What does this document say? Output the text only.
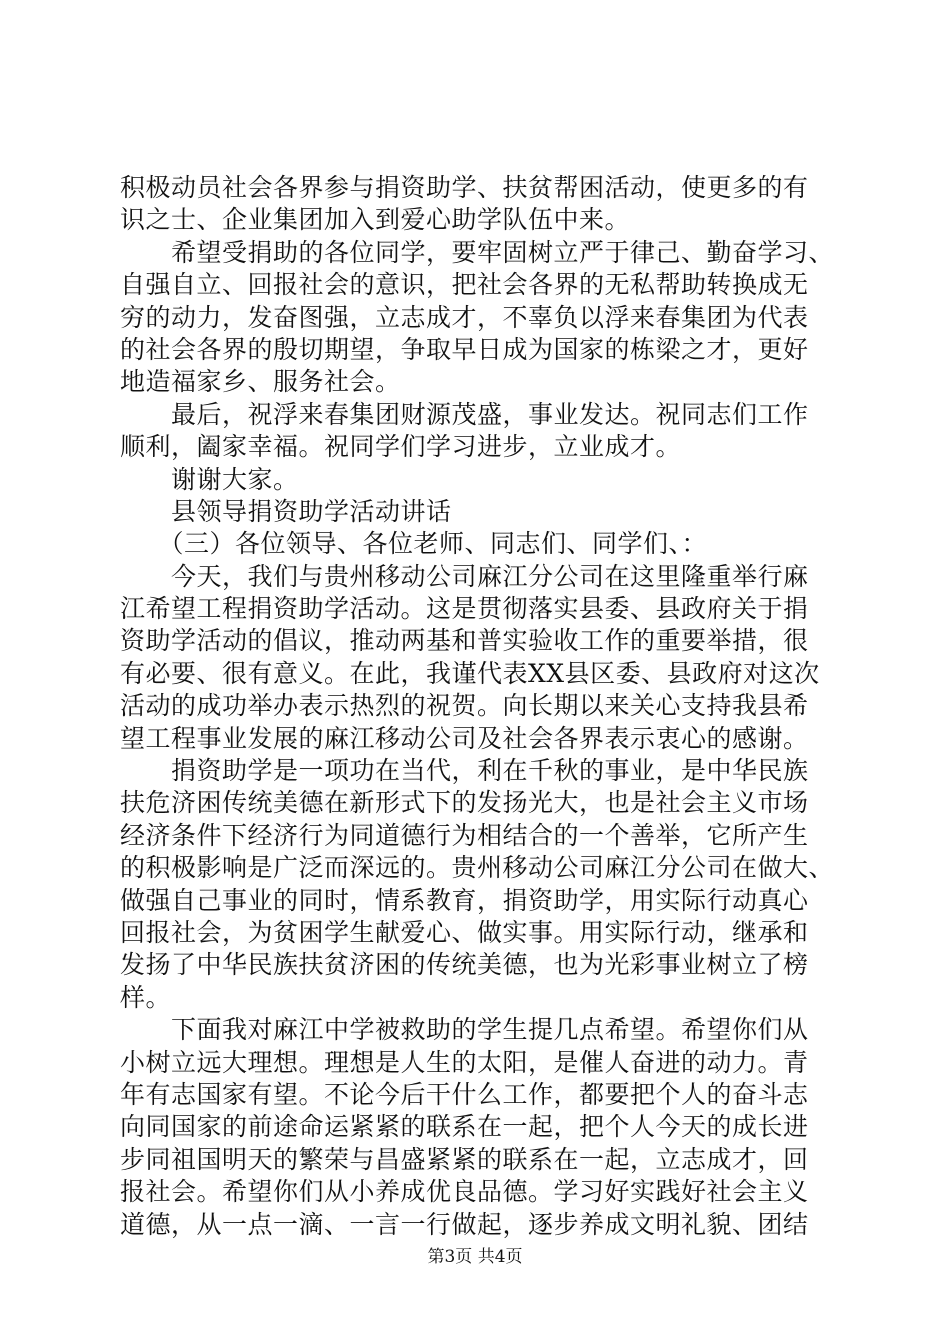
积极动员社会各界参与捐资助学、扶贫帮困活动，使更多的有
识之士、企业集团加入到爱心助学队伍中来。
　　希望受捐助的各位同学，要牢固树立严于律己、勤奋学习、
自强自立、回报社会的意识，把社会各界的无私帮助转换成无
穷的动力，发奋图强，立志成才，不辜负以浮来春集团为代表
的社会各界的殷切期望，争取早日成为国家的栋梁之才，更好
地造福家乡、服务社会。
　　最后，祝浮来春集团财源茂盛，事业发达。祝同志们工作
顺利，阖家幸福。祝同学们学习进步，立业成才。
　　谢谢大家。
　　县领导捐资助学活动讲话
　　（三）各位领导、各位老师、同志们、同学们、：
　　今天，我们与贵州移动公司麻江分公司在这里隆重举行麻
江希望工程捐资助学活动。这是贯彻落实县委、县政府关于捐
资助学活动的倡议，推动两基和普实验收工作的重要举措，很
有必要、很有意义。在此，我谨代表XX县区委、县政府对这次
活动的成功举办表示热烈的祝贺。向长期以来关心支持我县希
望工程事业发展的麻江移动公司及社会各界表示衷心的感谢。
　　捐资助学是一项功在当代，利在千秋的事业，是中华民族
扶危济困传统美德在新形式下的发扬光大，也是社会主义市场
经济条件下经济行为同道德行为相结合的一个善举，它所产生
的积极影响是广泛而深远的。贵州移动公司麻江分公司在做大、
做强自己事业的同时，情系教育，捐资助学，用实际行动真心
回报社会，为贫困学生献爱心、做实事。用实际行动，继承和
发扬了中华民族扶贫济困的传统美德，也为光彩事业树立了榜
样。
　　下面我对麻江中学被救助的学生提几点希望。希望你们从
小树立远大理想。理想是人生的太阳，是催人奋进的动力。青
年有志国家有望。不论今后干什么工作，都要把个人的奋斗志
向同国家的前途命运紧紧的联系在一起，把个人今天的成长进
步同祖国明天的繁荣与昌盛紧紧的联系在一起，立志成才，回
报社会。希望你们从小养成优良品德。学习好实践好社会主义
道德，从一点一滴、一言一行做起，逐步养成文明礼貌、团结
第3页 共4页
